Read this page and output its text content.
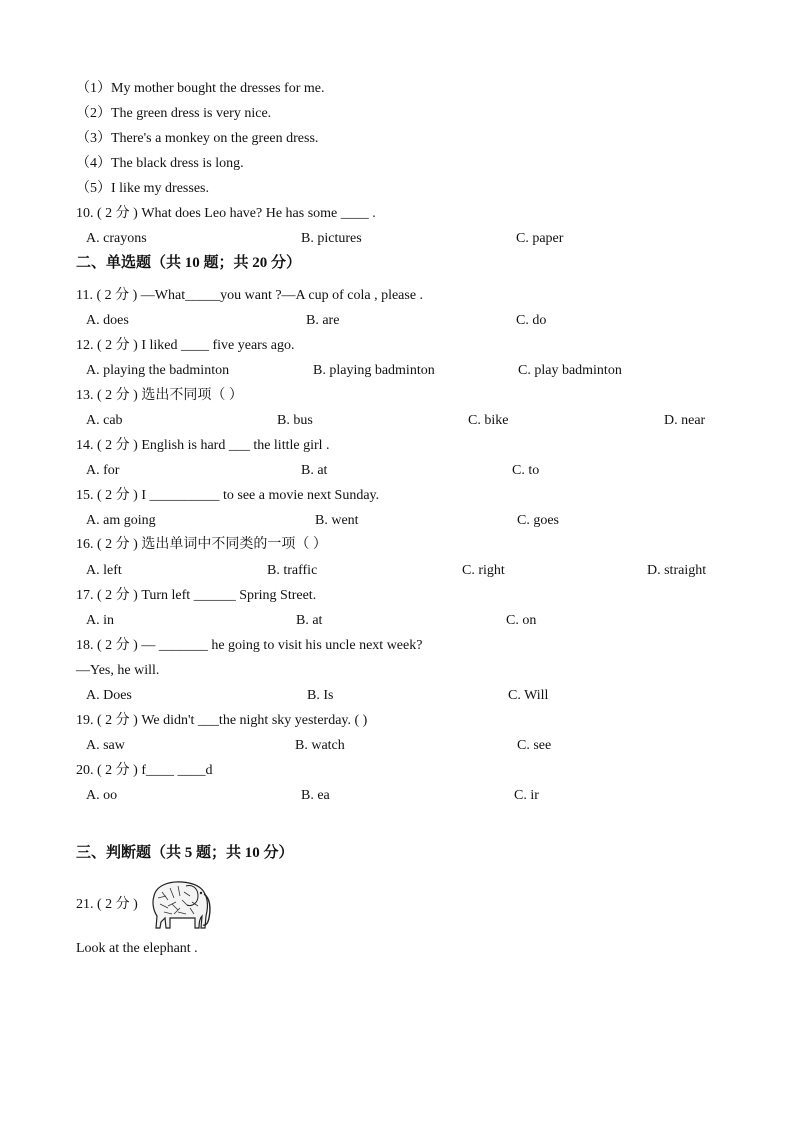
（1）My mother bought the dresses for me.
（2）The green dress is very nice.
（3）There's a monkey on the green dress.
（4）The black dress is long.
（5）I like my dresses.
10. ( 2 分 ) What does Leo have? He has some ____ .
A. crayons	B. pictures	C. paper
二、单选题（共 10 题；共 20 分）
11. ( 2 分 ) —What_____you want ?—A cup of cola , please .
A. does	B. are	C. do
12. ( 2 分 ) I liked ____ five years ago.
A. playing the badminton	B. playing badminton	C. play badminton
13. ( 2 分 ) 选出不同项（ ）
A. cab	B. bus	C. bike	D. near
14. ( 2 分 ) English is hard ___ the little girl .
A. for	B. at	C. to
15. ( 2 分 ) I __________ to see a movie next Sunday.
A. am going	B. went	C. goes
16. ( 2 分 ) 选出单词中不同类的一项（ ）
A. left	B. traffic	C. right	D. straight
17. ( 2 分 ) Turn left ______ Spring Street.
A. in	B. at	C. on
18. ( 2 分 ) — _______ he going to visit his uncle next week?
—Yes, he will.
A. Does	B. Is	C. Will
19. ( 2 分 ) We didn't ___the night sky yesterday. ( )
A. saw	B. watch	C. see
20. ( 2 分 ) f____ ____d
A. oo	B. ea	C. ir
三、判断题（共 5 题；共 10 分）
21. ( 2 分 )
Look at the elephant .
